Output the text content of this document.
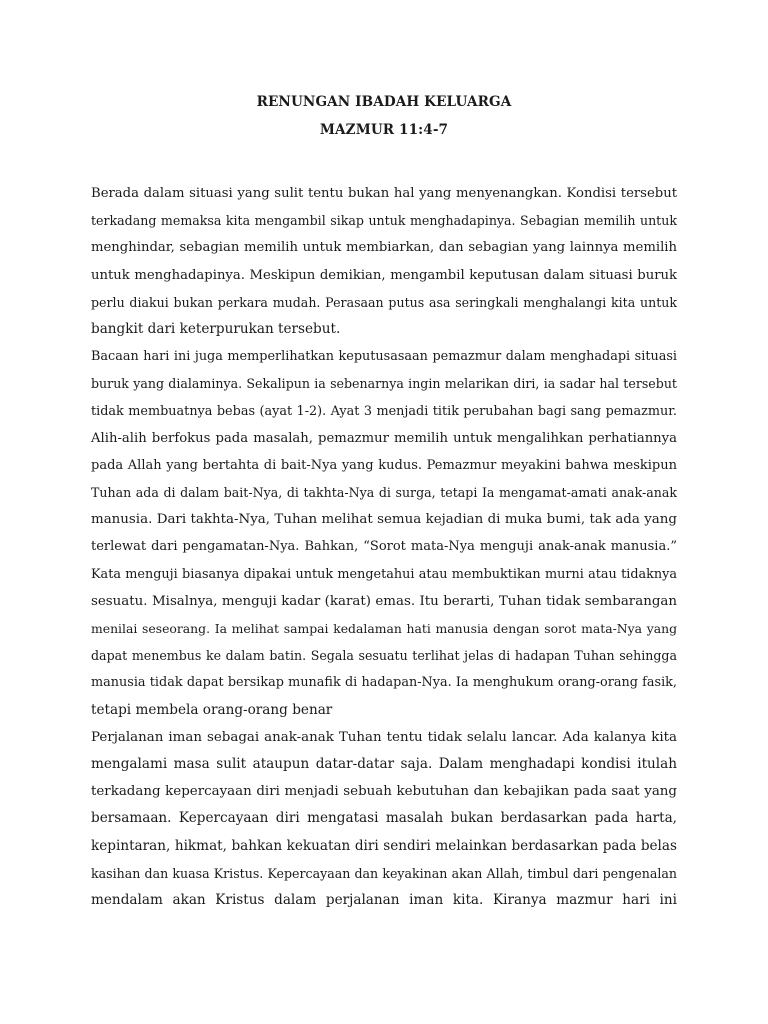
RENUNGAN IBADAH KELUARGA
MAZMUR 11:4-7
Berada dalam situasi yang sulit tentu bukan hal yang menyenangkan. Kondisi tersebut
terkadang memaksa kita mengambil sikap untuk menghadapinya. Sebagian memilih untuk
menghindar, sebagian memilih untuk membiarkan, dan sebagian yang lainnya memilih
untuk menghadapinya. Meskipun demikian, mengambil keputusan dalam situasi buruk
perlu diakui bukan perkara mudah. Perasaan putus asa seringkali menghalangi kita untuk
bangkit dari keterpurukan tersebut.
Bacaan hari ini juga memperlihatkan keputusasaan pemazmur dalam menghadapi situasi
buruk yang dialaminya. Sekalipun ia sebenarnya ingin melarikan diri, ia sadar hal tersebut
tidak membuatnya bebas (ayat 1-2). Ayat 3 menjadi titik perubahan bagi sang pemazmur.
Alih-alih berfokus pada masalah, pemazmur memilih untuk mengalihkan perhatiannya
pada Allah yang bertahta di bait-Nya yang kudus. Pemazmur meyakini bahwa meskipun
Tuhan ada di dalam bait-Nya, di takhta-Nya di surga, tetapi Ia mengamat-amati anak-anak
manusia. Dari takhta-Nya, Tuhan melihat semua kejadian di muka bumi, tak ada yang
terlewat dari pengamatan-Nya. Bahkan, “Sorot mata-Nya menguji anak-anak manusia.”
Kata menguji biasanya dipakai untuk mengetahui atau membuktikan murni atau tidaknya
sesuatu. Misalnya, menguji kadar (karat) emas. Itu berarti, Tuhan tidak sembarangan
menilai seseorang. Ia melihat sampai kedalaman hati manusia dengan sorot mata-Nya yang
dapat menembus ke dalam batin. Segala sesuatu terlihat jelas di hadapan Tuhan sehingga
manusia tidak dapat bersikap munafik di hadapan-Nya. Ia menghukum orang-orang fasik,
tetapi membela orang-orang benar
Perjalanan iman sebagai anak-anak Tuhan tentu tidak selalu lancar. Ada kalanya kita
mengalami masa sulit ataupun datar-datar saja. Dalam menghadapi kondisi itulah
terkadang kepercayaan diri menjadi sebuah kebutuhan dan kebajikan pada saat yang
bersamaan. Kepercayaan diri mengatasi masalah bukan berdasarkan pada harta,
kepintaran, hikmat, bahkan kekuatan diri sendiri melainkan berdasarkan pada belas
kasihan dan kuasa Kristus. Kepercayaan dan keyakinan akan Allah, timbul dari pengenalan
mendalam akan Kristus dalam perjalanan iman kita. Kiranya mazmur hari ini
